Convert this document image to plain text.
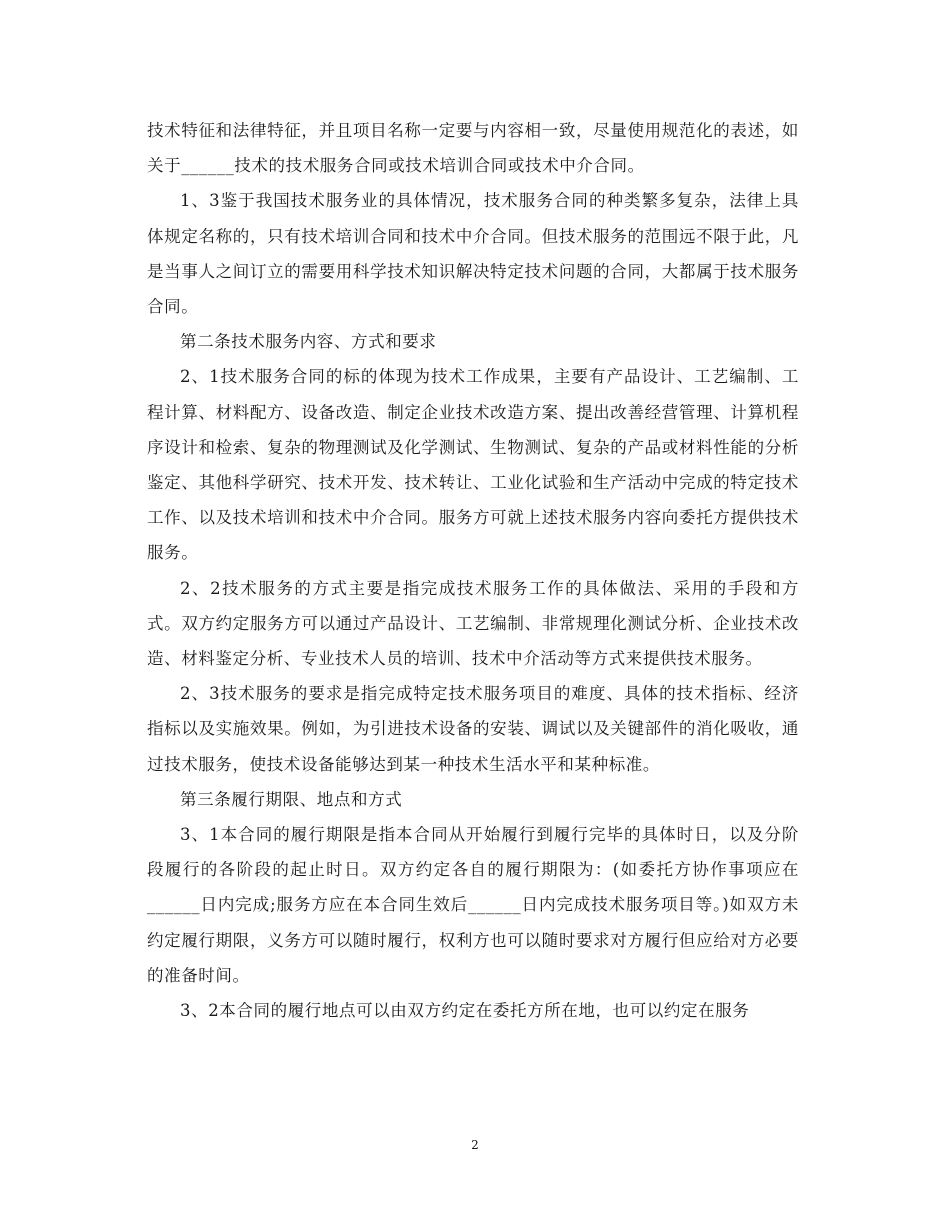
技术特征和法律特征，并且项目名称一定要与内容相一致，尽量使用规范化的表述，如关于______技术的技术服务合同或技术培训合同或技术中介合同。

1、3鉴于我国技术服务业的具体情况，技术服务合同的种类繁多复杂，法律上具体规定名称的，只有技术培训合同和技术中介合同。但技术服务的范围远不限于此，凡是当事人之间订立的需要用科学技术知识解决特定技术问题的合同，大都属于技术服务合同。

第二条技术服务内容、方式和要求

2、1技术服务合同的标的体现为技术工作成果，主要有产品设计、工艺编制、工程计算、材料配方、设备改造、制定企业技术改造方案、提出改善经营管理、计算机程序设计和检索、复杂的物理测试及化学测试、生物测试、复杂的产品或材料性能的分析鉴定、其他科学研究、技术开发、技术转让、工业化试验和生产活动中完成的特定技术工作、以及技术培训和技术中介合同。服务方可就上述技术服务内容向委托方提供技术服务。

2、2技术服务的方式主要是指完成技术服务工作的具体做法、采用的手段和方式。双方约定服务方可以通过产品设计、工艺编制、非常规理化测试分析、企业技术改造、材料鉴定分析、专业技术人员的培训、技术中介活动等方式来提供技术服务。

2、3技术服务的要求是指完成特定技术服务项目的难度、具体的技术指标、经济指标以及实施效果。例如，为引进技术设备的安装、调试以及关键部件的消化吸收，通过技术服务，使技术设备能够达到某一种技术生活水平和某种标准。

第三条履行期限、地点和方式

3、1本合同的履行期限是指本合同从开始履行到履行完毕的具体时日，以及分阶段履行的各阶段的起止时日。双方约定各自的履行期限为：(如委托方协作事项应在______日内完成;服务方应在本合同生效后______日内完成技术服务项目等。)如双方未约定履行期限，义务方可以随时履行，权利方也可以随时要求对方履行但应给对方必要的准备时间。

3、2本合同的履行地点可以由双方约定在委托方所在地，也可以约定在服务

2
